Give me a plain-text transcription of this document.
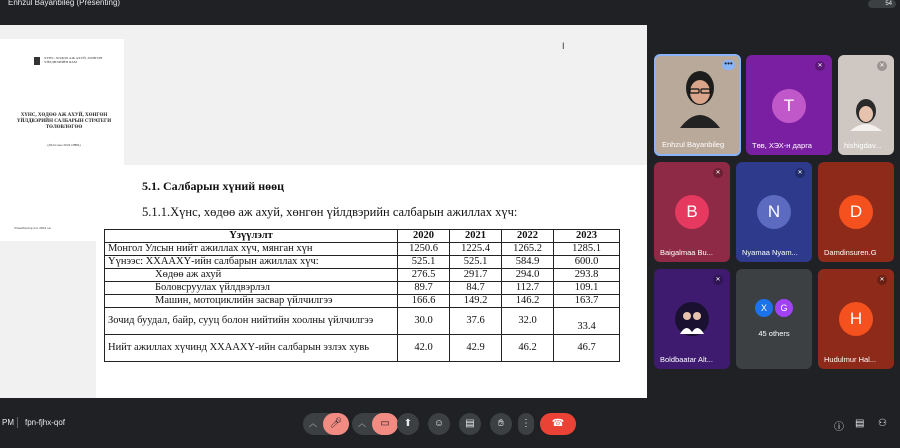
Enhzul Bayanbileg (Presenting)	54
ХҮНС, ХӨДӨӨ АЖ АХУЙ, ХӨНГӨН ҮЙЛДВЭРИЙН ЯАМ
ХҮНС, ХӨДӨӨ АЖ АХУЙ, ХӨНГӨН ҮЙЛДВЭРИЙН САЛБАРЫН СТРАТЕГИ ТӨЛӨВЛӨГӨӨ
(2024 оны 2024 ОНЫ)
Улаанбаатар хот 2024 он
I
5.1. Салбарын хүний нөөц
5.1.1.Хүнс, хөдөө аж ахуй, хөнгөн үйлдвэрийн салбарын ажиллах хүч:
Үзүүлэлт	2020	2021	2022	2023
Монгол Улсын нийт ажиллах хүч, мянган хүн	1250.6	1225.4	1265.2	1285.1
Үүнээс: ХХААХҮ-ийн салбарын ажиллах хүч:	525.1	525.1	584.9	600.0
Хөдөө аж ахуй	276.5	291.7	294.0	293.8
Боловсруулах үйлдвэрлэл	89.7	84.7	112.7	109.1
Машин, мотоциклийн засвар үйлчилгээ	166.6	149.2	146.2	163.7
Зочид буудал, байр, сууц болон нийтийн хоолны үйлчилгээ	30.0	37.6	32.0	33.4
Нийт ажиллах хүчинд ХХААХҮ-ийн салбарын эзлэх хувь	42.0	42.9	46.2	46.7
•••
Enhzul Bayanbileg
✕
T
Төв, ХЭХ-н дарга
✕
hishigdav...
✕
B
Baigalmaa Bu...
✕
N
Nyamaa Nyam...
D
Damdinsuren.G
✕
Boldbaatar Alt...
X	G
45 others
✕
H
Hudulmur Hal...
PM fpn-fjhx-qof	︿	🎤︎	︿	▭	⬆	☺	▤	✋︎	⋮	☎︎	ⓘ ▤ ⚇
